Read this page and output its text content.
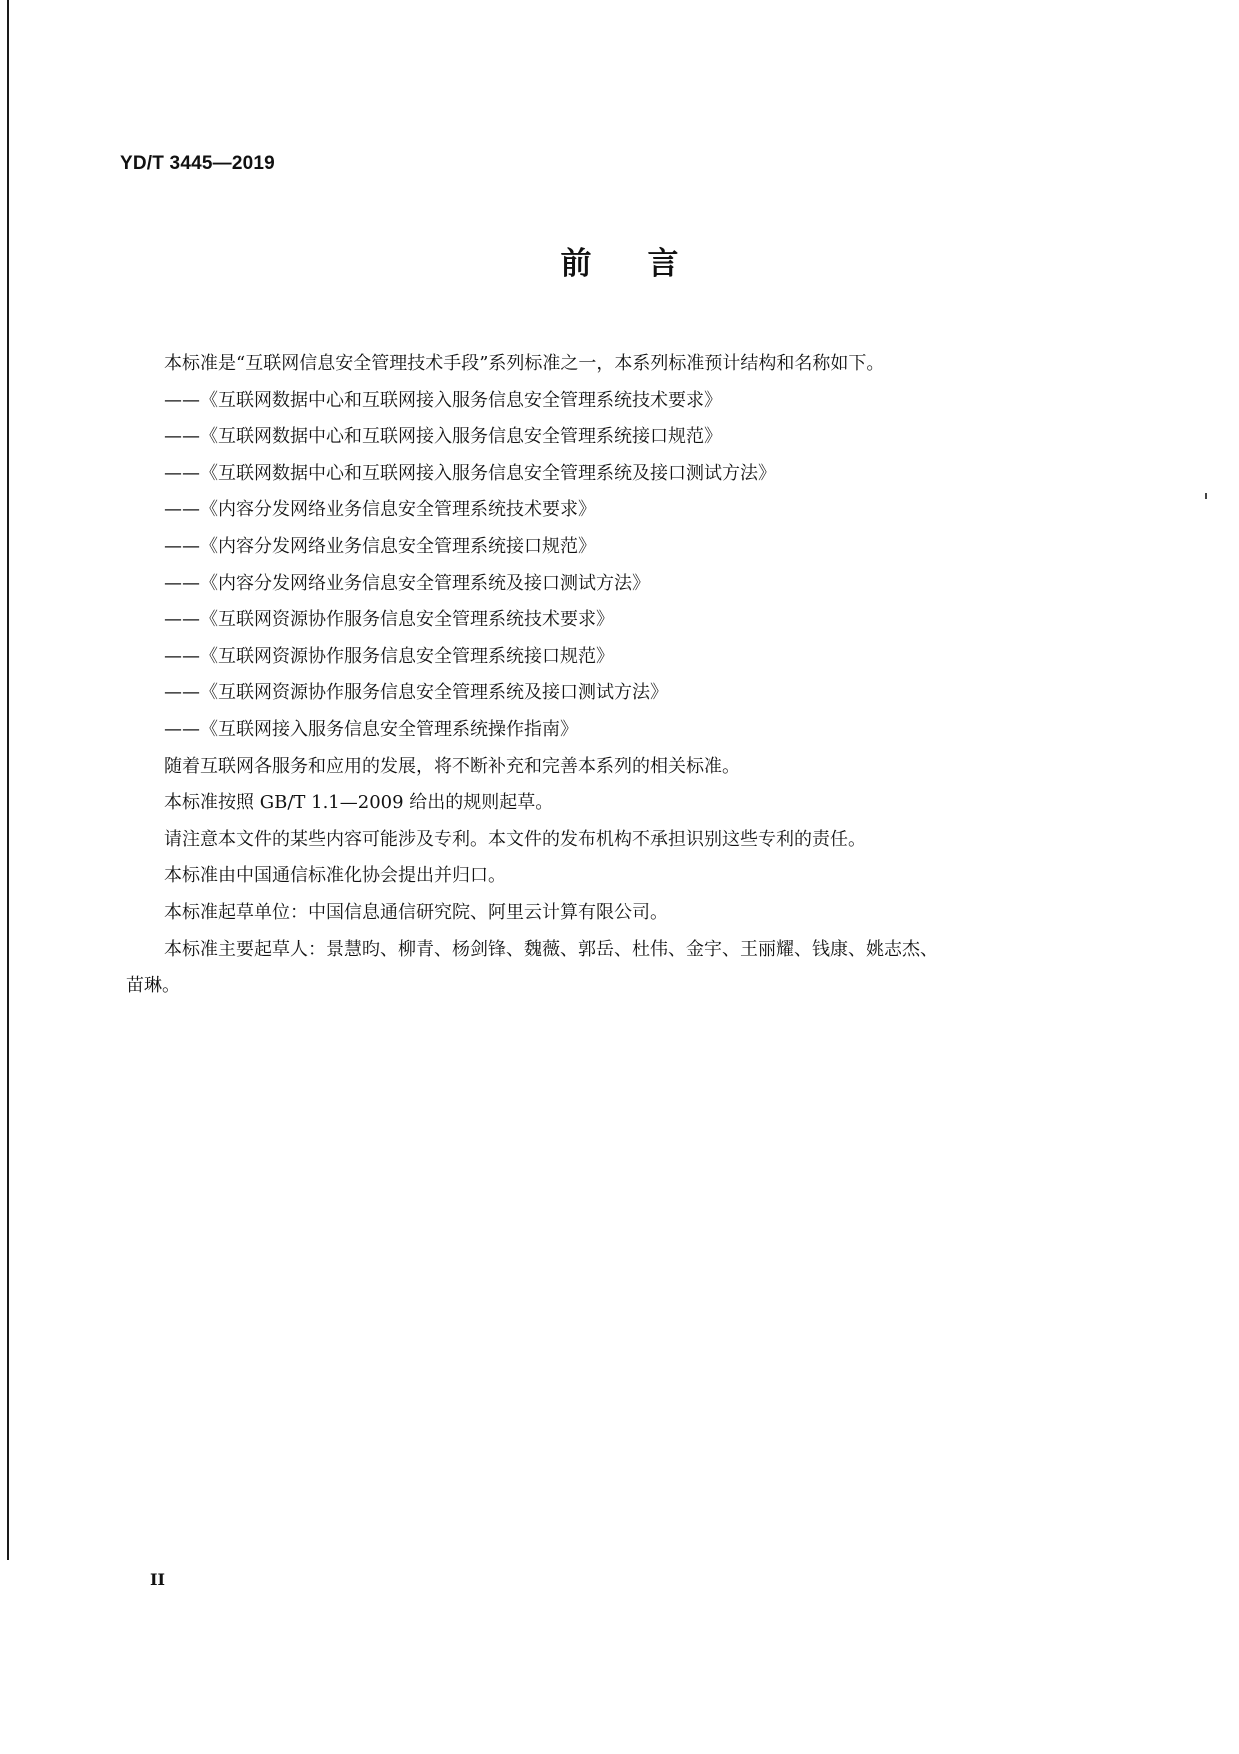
YD/T 3445—2019
前言
本标准是“互联网信息安全管理技术手段”系列标准之一，本系列标准预计结构和名称如下。
——《互联网数据中心和互联网接入服务信息安全管理系统技术要求》
——《互联网数据中心和互联网接入服务信息安全管理系统接口规范》
——《互联网数据中心和互联网接入服务信息安全管理系统及接口测试方法》
——《内容分发网络业务信息安全管理系统技术要求》
——《内容分发网络业务信息安全管理系统接口规范》
——《内容分发网络业务信息安全管理系统及接口测试方法》
——《互联网资源协作服务信息安全管理系统技术要求》
——《互联网资源协作服务信息安全管理系统接口规范》
——《互联网资源协作服务信息安全管理系统及接口测试方法》
——《互联网接入服务信息安全管理系统操作指南》
随着互联网各服务和应用的发展，将不断补充和完善本系列的相关标准。
本标准按照 GB/T 1.1—2009 给出的规则起草。
请注意本文件的某些内容可能涉及专利。本文件的发布机构不承担识别这些专利的责任。
本标准由中国通信标准化协会提出并归口。
本标准起草单位：中国信息通信研究院、阿里云计算有限公司。
本标准主要起草人：景慧昀、柳青、杨剑锋、魏薇、郭岳、杜伟、金宇、王丽耀、钱康、姚志杰、
苗琳。
II
